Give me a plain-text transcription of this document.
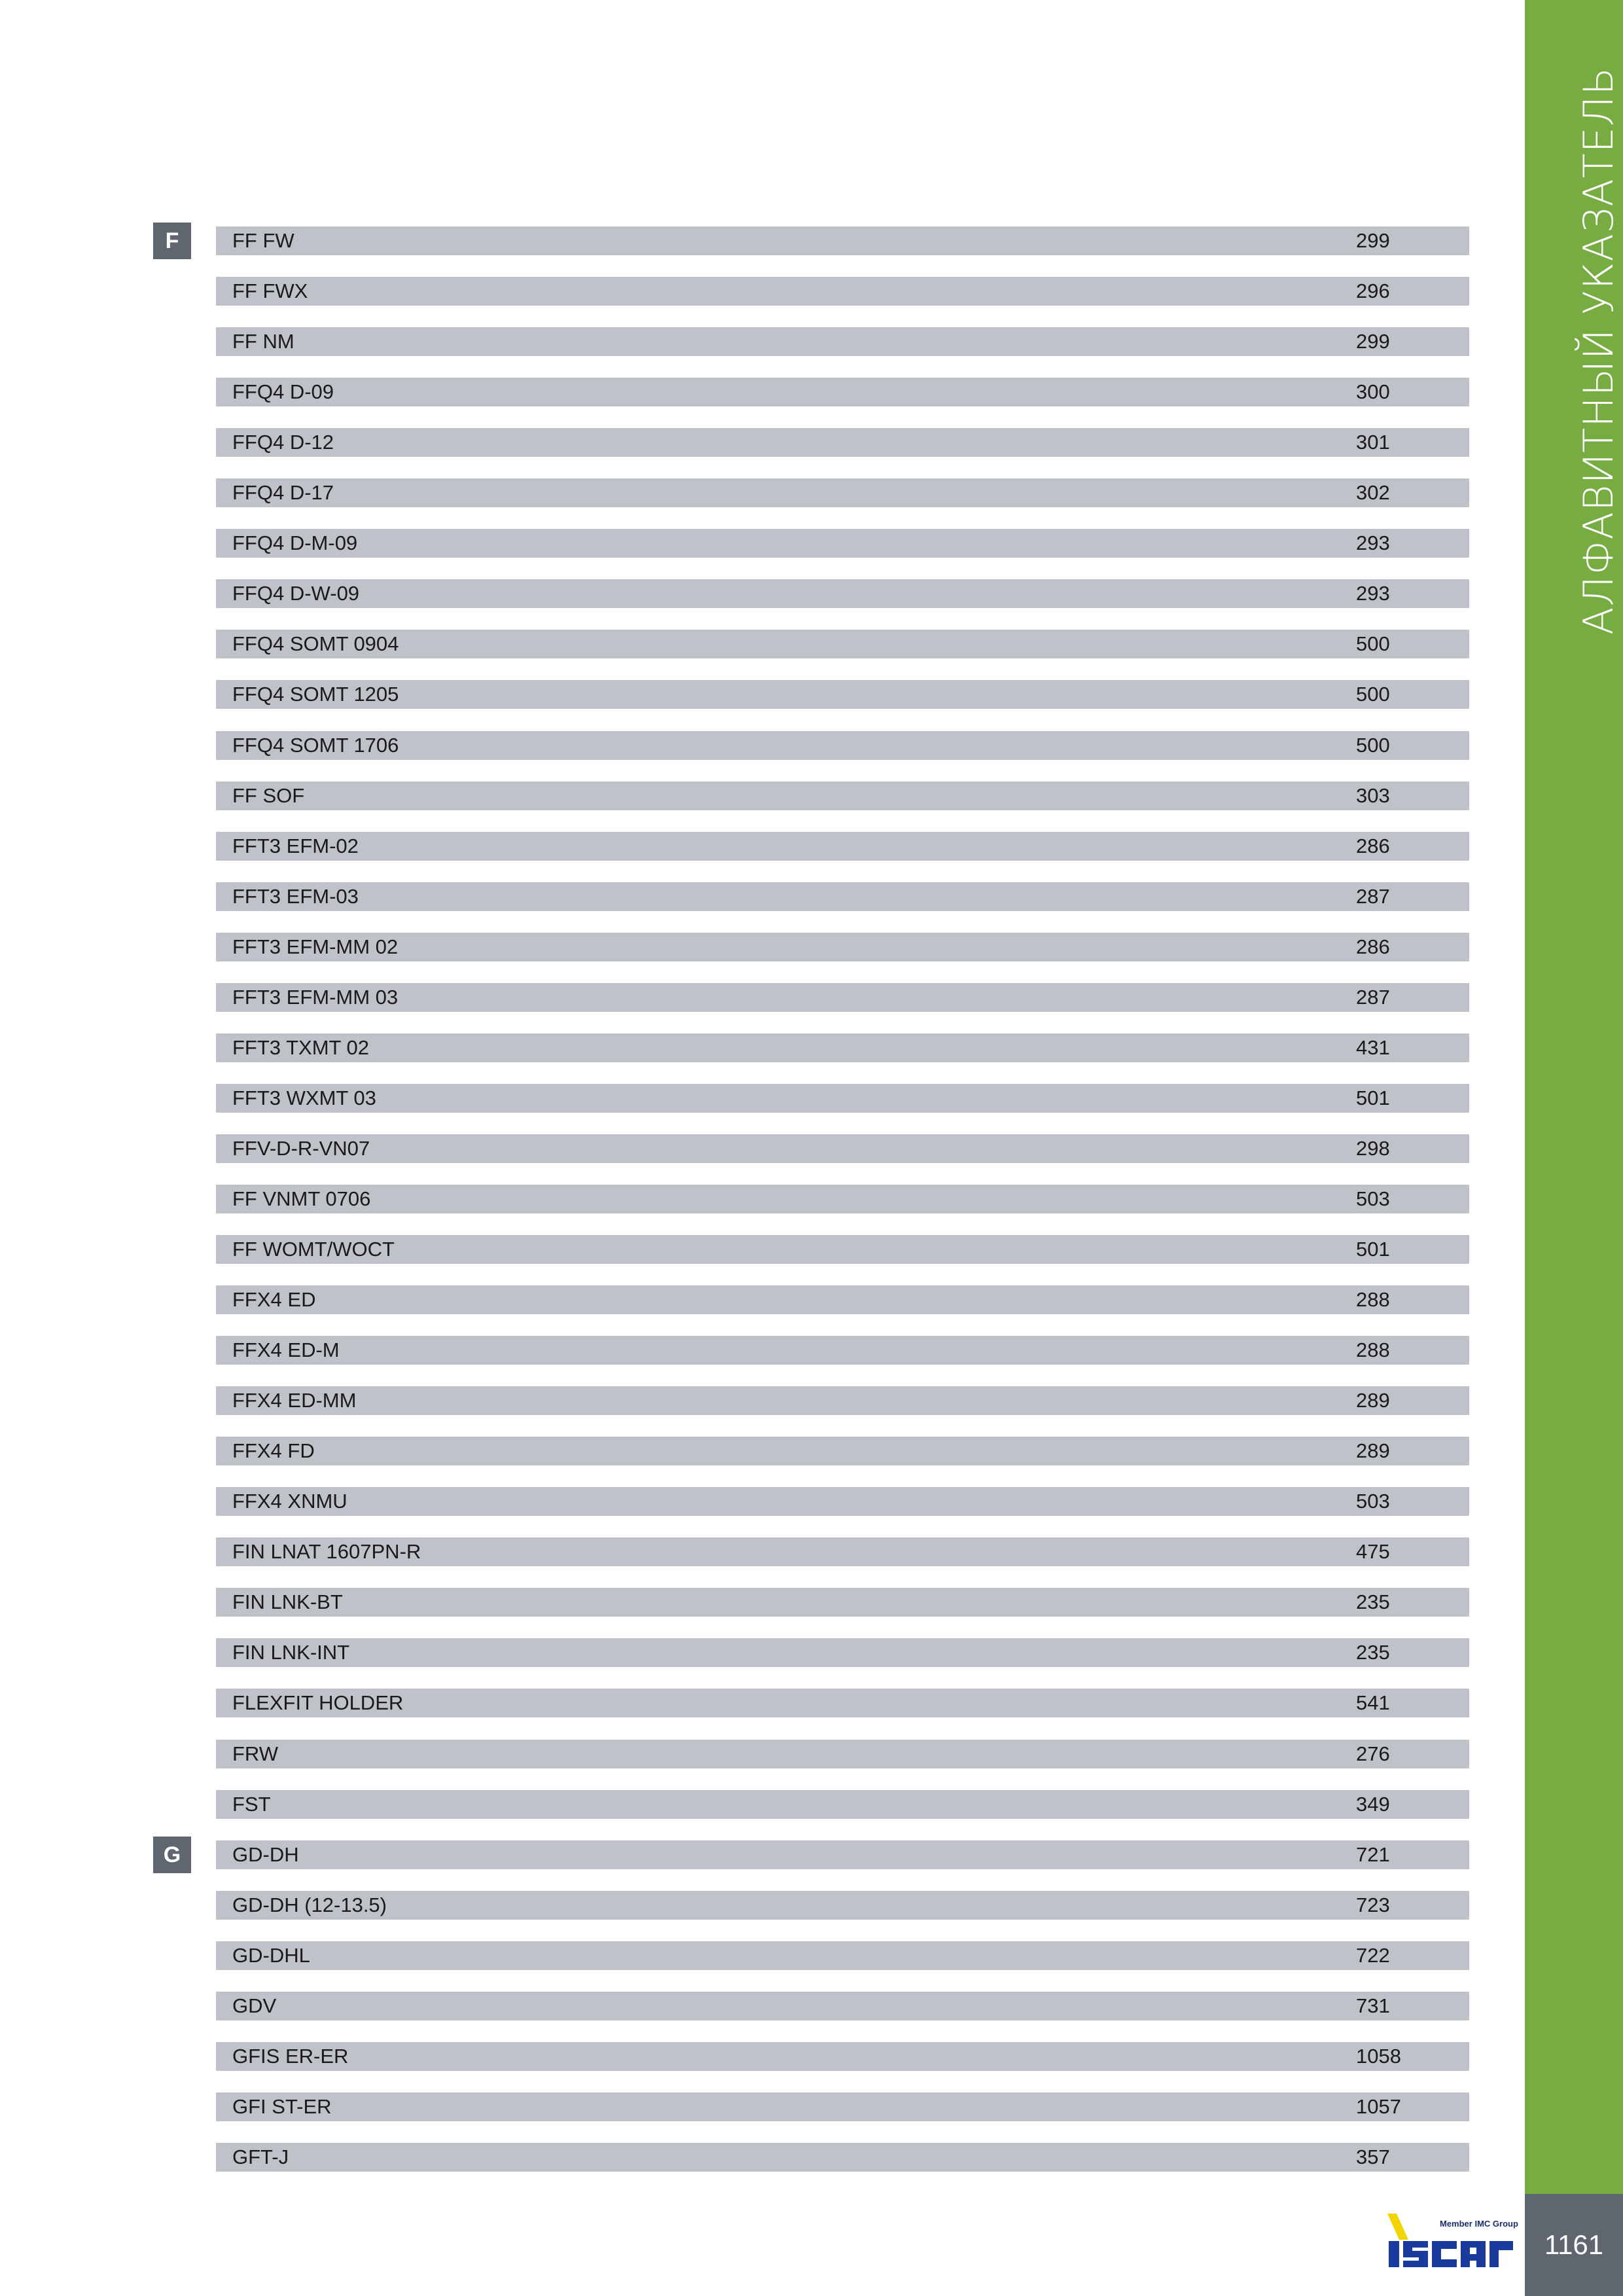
F	FF FW	299
FF FWX	296
FF NM	299
FFQ4 D-09	300
FFQ4 D-12	301
FFQ4 D-17	302
FFQ4 D-M-09	293
FFQ4 D-W-09	293
FFQ4 SOMT 0904	500
FFQ4 SOMT 1205	500
FFQ4 SOMT 1706	500
FF SOF	303
FFT3 EFM-02	286
FFT3 EFM-03	287
FFT3 EFM-MM 02	286
FFT3 EFM-MM 03	287
FFT3 TXMT 02	431
FFT3 WXMT 03	501
FFV-D-R-VN07	298
FF VNMT 0706	503
FF WOMT/WOCT	501
FFX4 ED	288
FFX4 ED-M	288
FFX4 ED-MM	289
FFX4 FD	289
FFX4 XNMU	503
FIN LNAT 1607PN-R	475
FIN LNK-BT	235
FIN LNK-INT	235
FLEXFIT HOLDER	541
FRW	276
FST	349
G	GD-DH	721
GD-DH (12-13.5)	723
GD-DHL	722
GDV	731
GFIS ER-ER	1058
GFI ST-ER	1057
GFT-J	357
АЛФАВИТНЫЙ УКАЗАТЕЛЬ
1161
Member IMC Group
